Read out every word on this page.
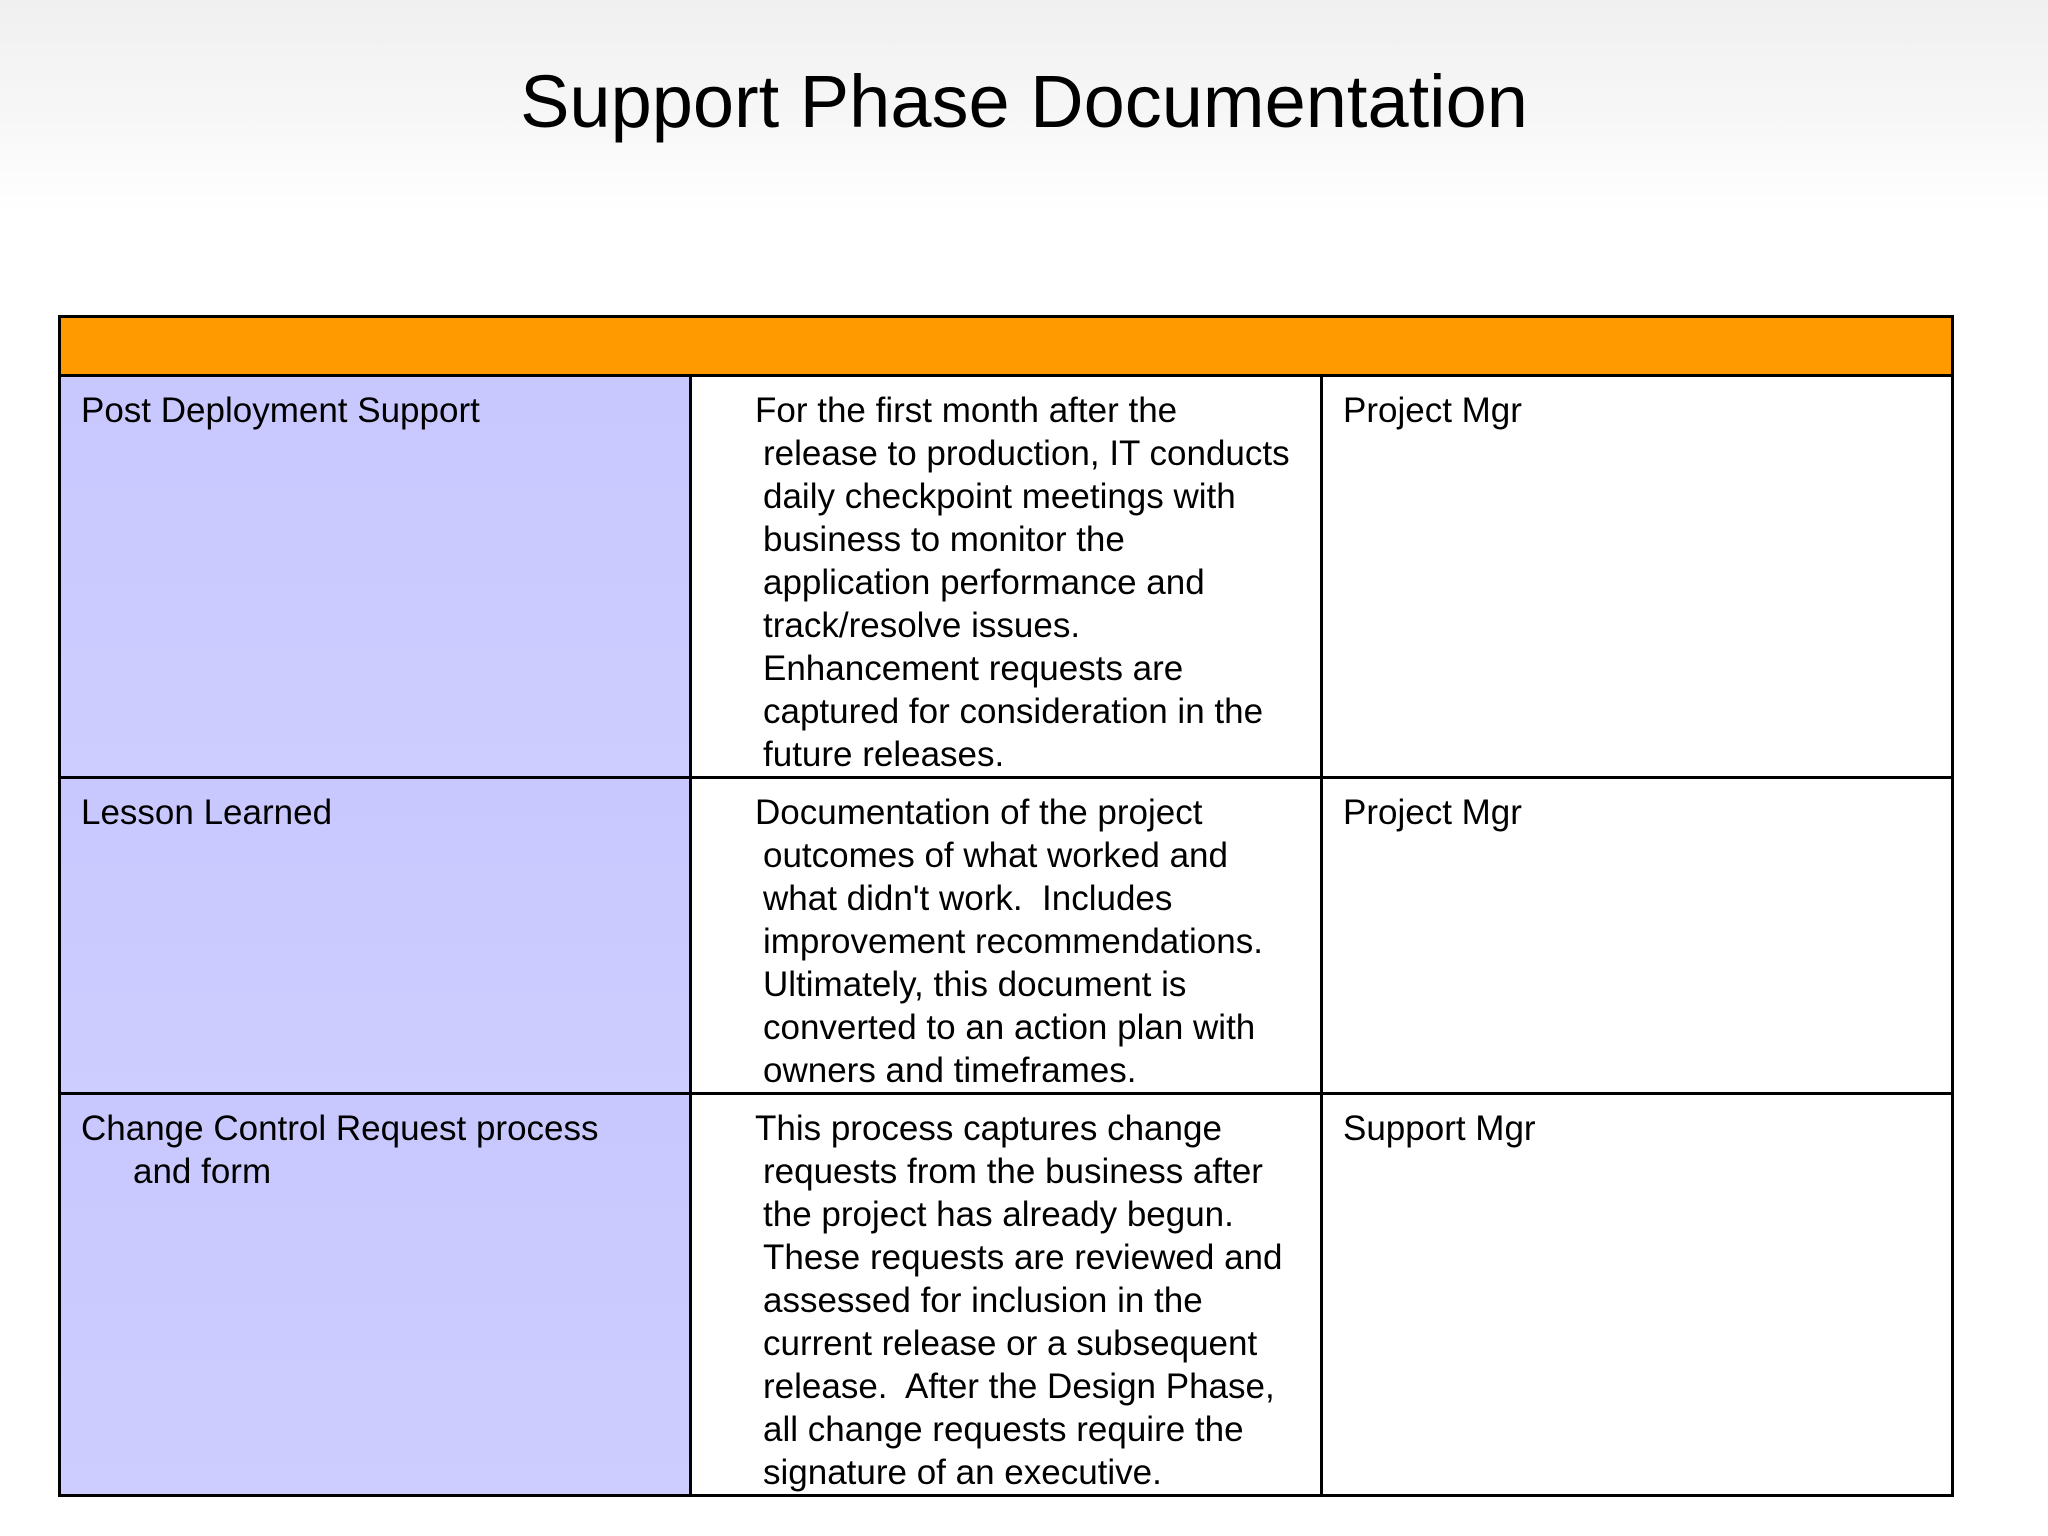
Support Phase Documentation

Post Deployment Support	For the first month after the release to production, IT conducts daily checkpoint meetings with business to monitor the application performance and track/resolve issues. Enhancement requests are captured for consideration in the future releases.	Project Mgr

Lesson Learned	Documentation of the project outcomes of what worked and what didn't work.  Includes improvement recommendations. Ultimately, this document is converted to an action plan with owners and timeframes.	Project Mgr

Change Control Request process  and form	This process captures change requests from the business after the project has already begun.  These requests are reviewed and assessed for inclusion in the current release or a subsequent release.  After the Design Phase, all change requests require the signature of an executive.	Support Mgr
